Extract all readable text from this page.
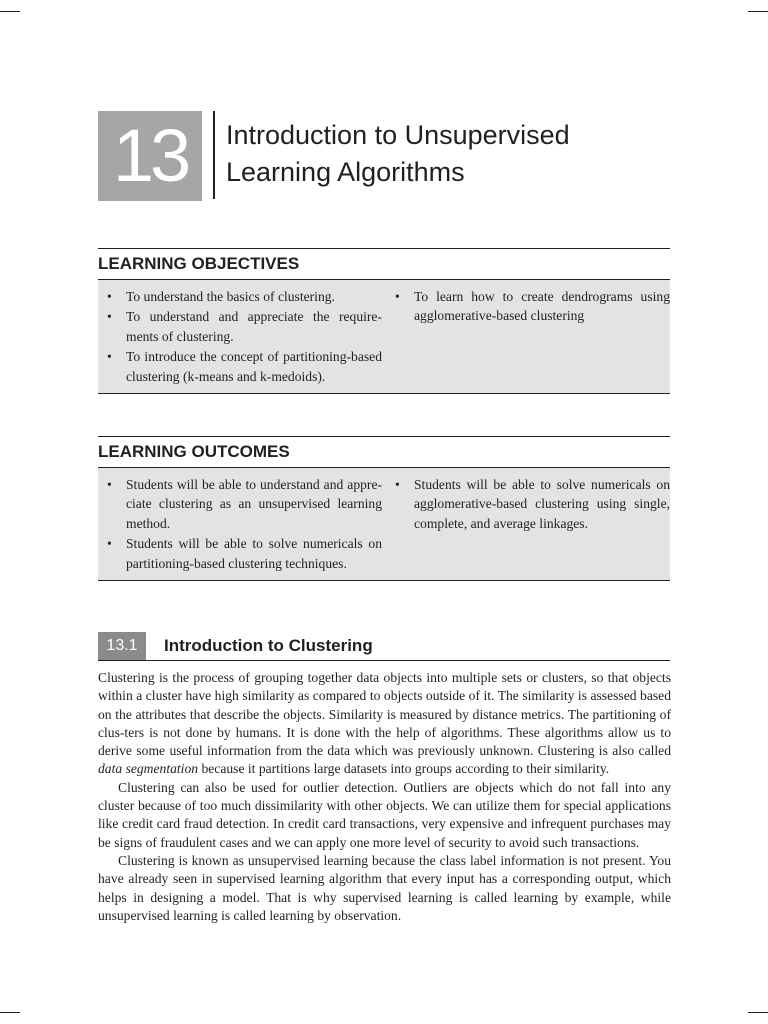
13	Introduction to Unsupervised
Learning Algorithms
LEARNING OBJECTIVES
• To understand the basics of clustering.
• To understand and appreciate the require-ments of clustering.
• To introduce the concept of partitioning-based clustering (k-means and k-medoids).
• To learn how to create dendrograms using agglomerative-based clustering
LEARNING OUTCOMES
• Students will be able to understand and appre-ciate clustering as an unsupervised learning method.
• Students will be able to solve numericals on partitioning-based clustering techniques.
• Students will be able to solve numericals on agglomerative-based clustering using single, complete, and average linkages.
13.1	Introduction to Clustering

Clustering is the process of grouping together data objects into multiple sets or clusters, so that objects within a cluster have high similarity as compared to objects outside of it. The similarity is assessed based on the attributes that describe the objects. Similarity is measured by distance metrics. The partitioning of clus-ters is not done by humans. It is done with the help of algorithms. These algorithms allow us to derive some useful information from the data which was previously unknown. Clustering is also called data segmentation because it partitions large datasets into groups according to their similarity.

Clustering can also be used for outlier detection. Outliers are objects which do not fall into any cluster because of too much dissimilarity with other objects. We can utilize them for special applications like credit card fraud detection. In credit card transactions, very expensive and infrequent purchases may be signs of fraudulent cases and we can apply one more level of security to avoid such transactions.

Clustering is known as unsupervised learning because the class label information is not present. You have already seen in supervised learning algorithm that every input has a corresponding output, which helps in designing a model. That is why supervised learning is called learning by example, while unsupervised learning is called learning by observation.
